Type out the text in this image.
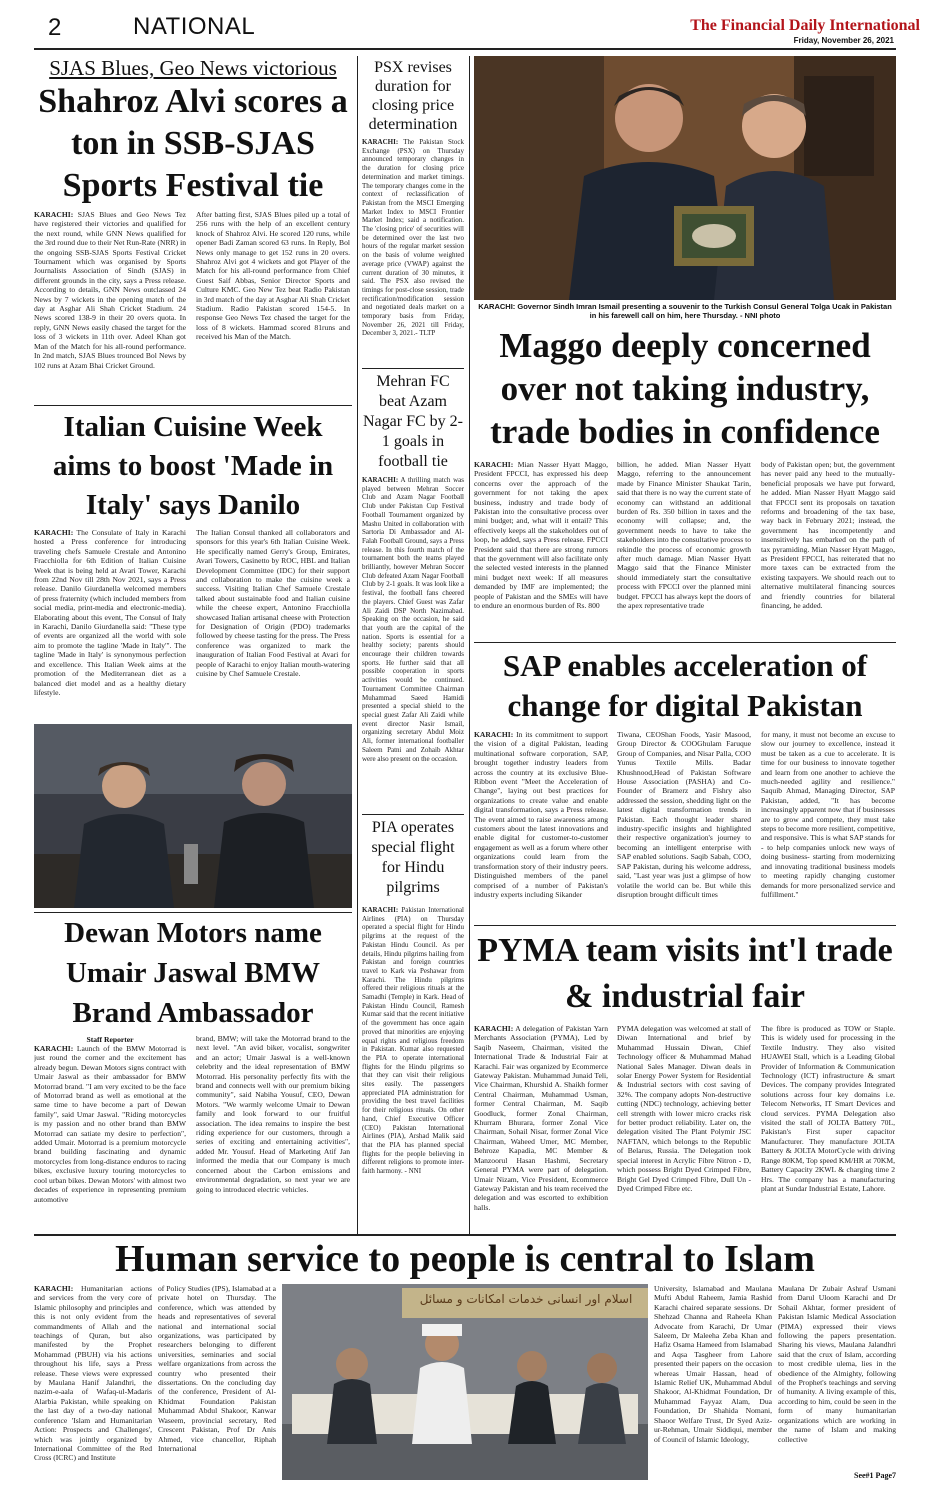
2	NATIONAL	The Financial Daily International
Friday, November 26, 2021
SJAS Blues, Geo News victorious
Shahroz Alvi scores a ton in SSB-SJAS Sports Festival tie
KARACHI: SJAS Blues and Geo News Tez have registered their victories and qualified for the next round, while GNN News qualified for the 3rd round due to their Net Run-Rate (NRR) in the ongoing SSB-SJAS Sports Festival Cricket Tournament which was organised by Sports Journalists Association of Sindh (SJAS) in different grounds in the city, says a Press release. According to details, GNN News outclassed 24 News by 7 wickets in the opening match of the day at Asghar Ali Shah Cricket Stadium. 24 News scored 138-9 in their 20 overs quota. In reply, GNN News easily chased the target for the loss of 3 wickets in 11th over. Adeel Khan got Man of the Match for his all-round performance. In 2nd match, SJAS Blues trounced Bol News by 102 runs at Azam Bhai Cricket Ground.
After batting first, SJAS Blues piled up a total of 256 runs with the help of an excellent century knock of Shahroz Alvi. He scored 120 runs, while opener Badi Zaman scored 63 runs. In Reply, Bol News only manage to get 152 runs in 20 overs. Shahroz Alvi got 4 wickets and got Player of the Match for his all-round performance from Chief Guest Saif Abbas, Senior Director Sports and Culture KMC. Geo New Tez beat Radio Pakistan in 3rd match of the day at Asghar Ali Shah Cricket Stadium. Radio Pakistan scored 154-5. In response Geo News Tez chased the target for the loss of 8 wickets. Hammad scored 81runs and received his Man of the Match.
PSX revises duration for closing price determination
KARACHI: The Pakistan Stock Exchange (PSX) on Thursday announced temporary changes in the duration for closing price determination and market timings. The temporary changes come in the context of reclassification of Pakistan from the MSCI Emerging Market Index to MSCI Frontier Market Index; said a notification. The 'closing price' of securities will be determined over the last two hours of the regular market session on the basis of volume weighted average price (VWAP) against the current duration of 30 minutes, it said. The PSX also revised the timings for post-close session, trade rectification/modification session and negotiated deals market on a temporary basis from Friday, November 26, 2021 till Friday, December 3, 2021.- TLTP
KARACHI: Governor Sindh Imran Ismail presenting a souvenir to the Turkish Consul General Tolga Ucak in Pakistan in his farewell call on him, here Thursday. - NNI photo
Maggo deeply concerned over not taking industry, trade bodies in confidence
KARACHI: Mian Nasser Hyatt Maggo, President FPCCI, has expressed his deep concerns over the approach of the government for not taking the apex business, industry and trade body of Pakistan into the consultative process over mini budget; and, what will it entail? This effectively keeps all the stakeholders out of loop, he added, says a Press release. FPCCI President said that there are strong rumors that the government will also facilitate only the selected vested interests in the planned mini budget next week: If all measures demanded by IMF are implemented; the people of Pakistan and the SMEs will have to endure an enormous burden of Rs. 800
billion, he added. Mian Nasser Hyatt Maggo, referring to the announcement made by Finance Minister Shaukat Tarin, said that there is no way the current state of economy can withstand an additional burden of Rs. 350 billion in taxes and the economy will collapse; and, the government needs to have to take the stakeholders into the consultative process to rekindle the process of economic growth after much damage. Mian Nasser Hyatt Maggo said that the Finance Minister should immediately start the consultative process with FPCCI over the planned mini budget. FPCCI has always kept the doors of the apex representative trade
body of Pakistan open; but, the government has never paid any heed to the mutually-beneficial proposals we have put forward, he added. Mian Nasser Hyatt Maggo said that FPCCI sent its proposals on taxation reforms and broadening of the tax base, way back in February 2021; instead, the government has incompetently and insensitively has embarked on the path of tax pyramiding. Mian Nasser Hyatt Maggo, as President FPCCI, has reiterated that no more taxes can be extracted from the existing taxpayers. We should reach out to alternative multilateral financing sources and friendly countries for bilateral financing, he added.
Italian Cuisine Week aims to boost 'Made in Italy' says Danilo
KARACHI: The Consulate of Italy in Karachi hosted a Press conference for introducing traveling chefs Samuele Crestale and Antonino Fracchiolla for 6th Edition of Italian Cuisine Week that is being held at Avari Tower, Karachi from 22nd Nov till 28th Nov 2021, says a Press release. Danilo Giurdanella welcomed members of press fraternity (which included members from social media, print-media and electronic-media). Elaborating about this event, The Consul of Italy in Karachi, Danilo Giurdanella said: "These type of events are organized all the world with sole aim to promote the tagline 'Made in Italy'". The tagline 'Made in Italy' is synonymous perfection and excellence. This Italian Week aims at the promotion of the Mediterranean diet as a balanced diet model and as a healthy dietary lifestyle.
The Italian Consul thanked all collaborators and sponsors for this year's 6th Italian Cuisine Week. He specifically named Gerry's Group, Emirates, Avari Towers, Casinetto by ROC, HBL and Italian Development Committee (IDC) for their support and collaboration to make the cuisine week a success. Visiting Italian Chef Samuele Crestale talked about sustainable food and Italian cuisine while the cheese expert, Antonino Fracchiolla showcased Italian artisanal cheese with Protection for Designation of Origin (PDO) trademarks followed by cheese tasting for the press. The Press conference was organized to mark the inauguration of Italian Food Festival at Avari for people of Karachi to enjoy Italian mouth-watering cuisine by Chef Samuele Crestale.
Mehran FC beat Azam Nagar FC by 2-1 goals in football tie
KARACHI: A thrilling match was played between Mehran Soccer Club and Azam Nagar Football Club under Pakistan Cup Festival Football Tournament organized by Mashu United in collaboration with Sartoria Di Ambassador and Al-Falah Football Ground, says a Press release. In this fourth match of the tournament both the teams played brilliantly, however Mehran Soccer Club defeated Azam Nagar Football Club by 2-1 goals. It was look like a festival, the football fans cheered the players. Chief Guest was Zafar Ali Zaidi DSP North Nazimabad. Speaking on the occasion, he said that youth are the capital of the nation. Sports is essential for a healthy society; parents should encourage their children towards sports. He further said that all possible cooperation in sports activities would be continued. Tournament Committee Chairman Muhammad Saeed Hamidi presented a special shield to the special guest Zafar Ali Zaidi while event director Nasir Ismail, organizing secretary Abdul Moiz Ali, former international footballer Saleem Patni and Zohaib Akhtar were also present on the occasion.
Dewan Motors name Umair Jaswal BMW Brand Ambassador
Staff Reporter
KARACHI: Launch of the BMW Motorrad is just round the corner and the excitement has already begun. Dewan Motors signs contract with Umair Jaswal as their ambassador for BMW Motorrad brand. "I am very excited to be the face of Motorrad brand as well as emotional at the same time to have become a part of Dewan family", said Umar Jaswal. "Riding motorcycles is my passion and no other brand than BMW Motorrad can satiate my desire to perfection", added Umair. Motorrad is a premium motorcycle brand building fascinating and dynamic motorcycles from long-distance enduros to racing bikes, exclusive luxury touring motorcycles to cool urban bikes. Dewan Motors' with almost two decades of experience in representing premium automotive
brand, BMW; will take the Motorrad brand to the next level. "An avid biker, vocalist, songwriter and an actor; Umair Jaswal is a well-known celebrity and the ideal representation of BMW Motorrad. His personality perfectly fits with the brand and connects well with our premium biking community", said Nabiha Yousuf, CEO, Dewan Motors. "We warmly welcome Umair to Dewan family and look forward to our fruitful association. The idea remains to inspire the best riding experience for our customers, through a series of exciting and entertaining activities", added Mr. Yousuf. Head of Marketing Atif Jan informed the media that our Company is much concerned about the Carbon emissions and environmental degradation, so next year we are going to introduced electric vehicles.
PIA operates special flight for Hindu pilgrims
KARACHI: Pakistan International Airlines (PIA) on Thursday operated a special flight for Hindu pilgrims at the request of the Pakistan Hindu Council. As per details, Hindu pilgrims hailing from Pakistan and foreign countries travel to Kark via Peshawar from Karachi. The Hindu pilgrims offered their religious rituals at the Samadhi (Temple) in Kark. Head of Pakistan Hindu Council, Ramesh Kumar said that the recent initiative of the government has once again proved that minorities are enjoying equal rights and religious freedom in Pakistan. Kumar also requested the PIA to operate international flights for the Hindu pilgrims so that they can visit their religious sites easily. The passengers appreciated PIA administration for providing the best travel facilities for their religious rituals. On other hand, Chief Executive Officer (CEO) Pakistan International Airlines (PIA), Arshad Malik said that the PIA has planned special flights for the people believing in different religions to promote inter-faith harmony. - NNI
SAP enables acceleration of change for digital Pakistan
KARACHI: In its commitment to support the vision of a digital Pakistan, leading multinational software corporation, SAP, brought together industry leaders from across the country at its exclusive Blue-Ribbon event "Meet the Acceleration of Change", laying out best practices for organizations to create value and enable digital transformation, says a Press release. The event aimed to raise awareness among customers about the latest innovations and enable digital for customer-to-customer engagement as well as a forum where other organizations could learn from the transformation story of their industry peers. Distinguished members of the panel comprised of a number of Pakistan's industry experts including Sikander
Tiwana, CEOShan Foods, Yasir Masood, Group Director & COOGhulam Faruque Group of Companies, and Nisar Palla, COO Yunus Textile Mills. Badar Khushnood,Head of Pakistan Software House Association (PASHA) and Co-Founder of Bramerz and Fishry also addressed the session, shedding light on the latest digital transformation trends in Pakistan. Each thought leader shared industry-specific insights and highlighted their respective organization's journey to becoming an intelligent enterprise with SAP enabled solutions. Saqib Sabah, COO, SAP Pakistan, during his welcome address, said, "Last year was just a glimpse of how volatile the world can be. But while this disruption brought difficult times
for many, it must not become an excuse to slow our journey to excellence, instead it must be taken as a cue to accelerate. It is time for our business to innovate together and learn from one another to achieve the much-needed agility and resilience." Saquib Ahmad, Managing Director, SAP Pakistan, added, "It has become increasingly apparent now that if businesses are to grow and compete, they must take steps to become more resilient, competitive, and responsive. This is what SAP stands for - to help companies unlock new ways of doing business- starting from modernizing and innovating traditional business models to meeting rapidly changing customer demands for more personalized service and fulfillment."
PYMA team visits int'l trade & industrial fair
KARACHI: A delegation of Pakistan Yarn Merchants Association (PYMA), Led by Saqib Naseem, Chairman, visited the International Trade & Industrial Fair at Karachi. Fair was organized by Ecommerce Gateway Pakistan. Muhammad Junaid Teli, Vice Chairman, Khurshid A. Shaikh former Central Chairman, Muhammad Usman, former Central Chairman, M. Saqib Goodluck, former Zonal Chairman, Khurram Bhurara, former Zonal Vice Chairman, Sohail Nisar, former Zonal Vice Chairman, Waheed Umer, MC Member, Behroze Kapadia, MC Member & Manzoorul Hasan Hashmi, Secretary General PYMA were part of delegation. Umair Nizam, Vice President, Ecommerce Gateway Pakistan and his team received the delegation and was escorted to exhibition halls.
PYMA delegation was welcomed at stall of Diwan International and brief by Muhammad Hussain Diwan, Chief Technology officer & Muhammad Mahad National Sales Manager. Diwan deals in solar Energy Power System for Residential & Industrial sectors with cost saving of 32%. The company adopts Non-destructive cutting (NDC) technology, achieving better cell strength with lower micro cracks risk for better product reliability. Later on, the delegation visited The Plant Polymir JSC NAFTAN, which belongs to the Republic of Belarus, Russia. The Delegation took special interest in Acrylic Fibre Nitron - D, which possess Bright Dyed Crimped Fibre, Bright Gel Dyed Crimped Fibre, Dull Un - Dyed Crimped Fibre etc.
The fibre is produced as TOW or Staple. This is widely used for processing in the Textile Industry. They also visited HUAWEI Stall, which is a Leading Global Provider of Information & Communication Technology (ICT) infrastructure & smart Devices. The company provides Integrated solutions across four key domains i.e. Telecom Networks, IT Smart Devices and cloud services. PYMA Delegation also visited the stall of JOLTA Battery 70L, Pakistan's First super capacitor Manufacturer. They manufacture JOLTA Battery & JOLTA MotorCycle with driving Range 80KM, Top speed KM/HR at 70KM, Battery Capacity 2KWL & charging time 2 Hrs. The company has a manufacturing plant at Sundar Industrial Estate, Lahore.
Human service to people is central to Islam
KARACHI: Humanitarian actions and services from the very core of Islamic philosophy and principles and this is not only evident from the commandments of Allah and the teachings of Quran, but also manifested by the Prophet Mohammad (PBUH) via his actions throughout his life, says a Press release. These views were expressed by Maulana Hanif Jalandhri, the nazim-e-aala of Wafaq-ul-Madaris Alarbia Pakistan, while speaking on the last day of a two-day national conference 'Islam and Humanitarian Action: Prospects and Challenges', which was jointly organized by International Committee of the Red Cross (ICRC) and Institute
of Policy Studies (IPS), Islamabad at a private hotel on Thursday. The conference, which was attended by heads and representatives of several national and international social organizations, was participated by researchers belonging to different universities, seminaries and social welfare organizations from across the country who presented their dissertations. On the concluding day of the conference, President of Al-Khidmat Foundation Pakistan Muhammad Abdul Shakoor, Kanwar Waseem, provincial secretary, Red Crescent Pakistan, Prof Dr Anis Ahmed, vice chancellor, Riphah International
اسلام اور انسانی خدمات امکانات و مسائل
University, Islamabad and Maulana Mufti Abdul Raheem, Jamia Rashid Karachi chaired separate sessions. Dr Shehzad Channa and Raheela Khan Advocate from Karachi, Dr Umar Saleem, Dr Maleeha Zeba Khan and Hafiz Osama Hameed from Islamabad and Aqsa Tasgheer from Lahore presented their papers on the occasion whereas Umair Hassan, head of Islamic Relief UK, Muhammad Abdul Shakoor, Al-Khidmat Foundation, Dr Muhammad Fayyaz Alam, Dua Foundation, Dr Shahida Nomani, Shaoor Welfare Trust, Dr Syed Aziz-ur-Rehman, Umair Siddiqui, member of Council of Islamic Ideology,
Maulana Dr Zubair Ashraf Usmani from Darul Uloom Karachi and Dr Sohail Akhtar, former president of Pakistan Islamic Medical Association (PIMA) expressed their views following the papers presentation. Sharing his views, Maulana Jalandhri said that the crux of Islam, according to most credible ulema, lies in the obedience of the Almighty, following of the Prophet's teachings and serving of humanity. A living example of this, according to him, could be seen in the form of many humanitarian organizations which are working in the name of Islam and making collective
See#1 Page7
